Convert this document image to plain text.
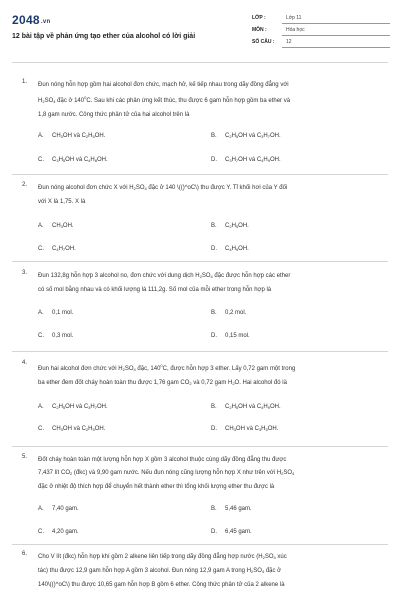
2048.vn
12 bài tập về phản ứng tạo ether của alcohol có lời giải
LỚP :	Lớp 11
MÔN :	Hóa học
SỐ CÂU : 12
1. Đun nóng hỗn hợp gồm hai alcohol đơn chức, mạch hở, kế tiếp nhau trong dãy đồng đẳng với
$H_2SO_4$ đặc ở $140^0C$. Sau khi các phản ứng kết thúc, thu được 6 gam hỗn hợp gồm ba ether và
1,8 gam nước. Công thức phân tử của hai alcohol trên là
A. $CH_3OH$ và $C_2H_5OH$.	B. $C_2H_5OH$ và $C_3H_7OH$.
C. $C_3H_5OH$ và $C_4H_8OH$.	D. $C_3H_7OH$ và $C_4H_9OH$.
2. Đun nóng alcohol đơn chức X với $H_2SO_4$ đặc ở 140 \(()^oC\) thu được Y. Tỉ khối hơi của Y đối
với X là 1,75. X là
A. $CH_3OH$.	B. $C_2H_5OH$.
C. $C_4H_7OH$.	D. $C_4H_9OH$.
3. Đun 132,8g hỗn hợp 3 alcohol no, đơn chức với dung dịch $H_2SO_4$ đặc được hỗn hợp các ether
có số mol bằng nhau và có khối lượng là 111,2g. Số mol của mỗi ether trong hỗn hợp là
A. 0,1 mol.	B. 0,2 mol.
C. 0,3 mol.	D. 0,15 mol.
4.
Đun hai alcohol đơn chức với $H_2SO_4$ đặc, $140^0C$, được hỗn hợp 3 ether. Lấy 0,72 gam một trong
ba ether đem đốt cháy hoàn toàn thu được 1,76 gam $CO_2$ và 0,72 gam $H_2O$. Hai alcohol đó là
A. $C_2H_5OH$ và $C_3H_7OH$.	B. $C_2H_5OH$ và $C_4H_9OH$.
C. $CH_3OH$ và $C_2H_5OH$.	D. $CH_3OH$ và $C_3H_5OH$.
5. Đốt cháy hoàn toàn một lượng hỗn hợp X gồm 3 alcohol thuộc cùng dãy đồng đẳng thu được
7,437 lít $CO_2$ (đkc) và 9,90 gam nước. Nếu đun nóng cũng lượng hỗn hợp X như trên với $H_2SO_4$
đặc ở nhiệt độ thích hợp để chuyển hết thành ether thì tổng khối lượng ether thu được là
A. 7,40 gam.	B. 5,46 gam.
C. 4,20 gam.	D. 6,45 gam.
6. Cho V lít (đkc) hỗn hợp khí gồm 2 alkene liên tiếp trong dãy đồng đẳng hợp nước ($H_2SO_4$ xúc
tác) thu được 12,9 gam hỗn hợp A gồm 3 alcohol. Đun nóng 12,9 gam A trong $H_2SO_4$ đặc ở
140\(()^oC\) thu được 10,65 gam hỗn hợp B gồm 6 ether. Công thức phân tử của 2 alkene là
